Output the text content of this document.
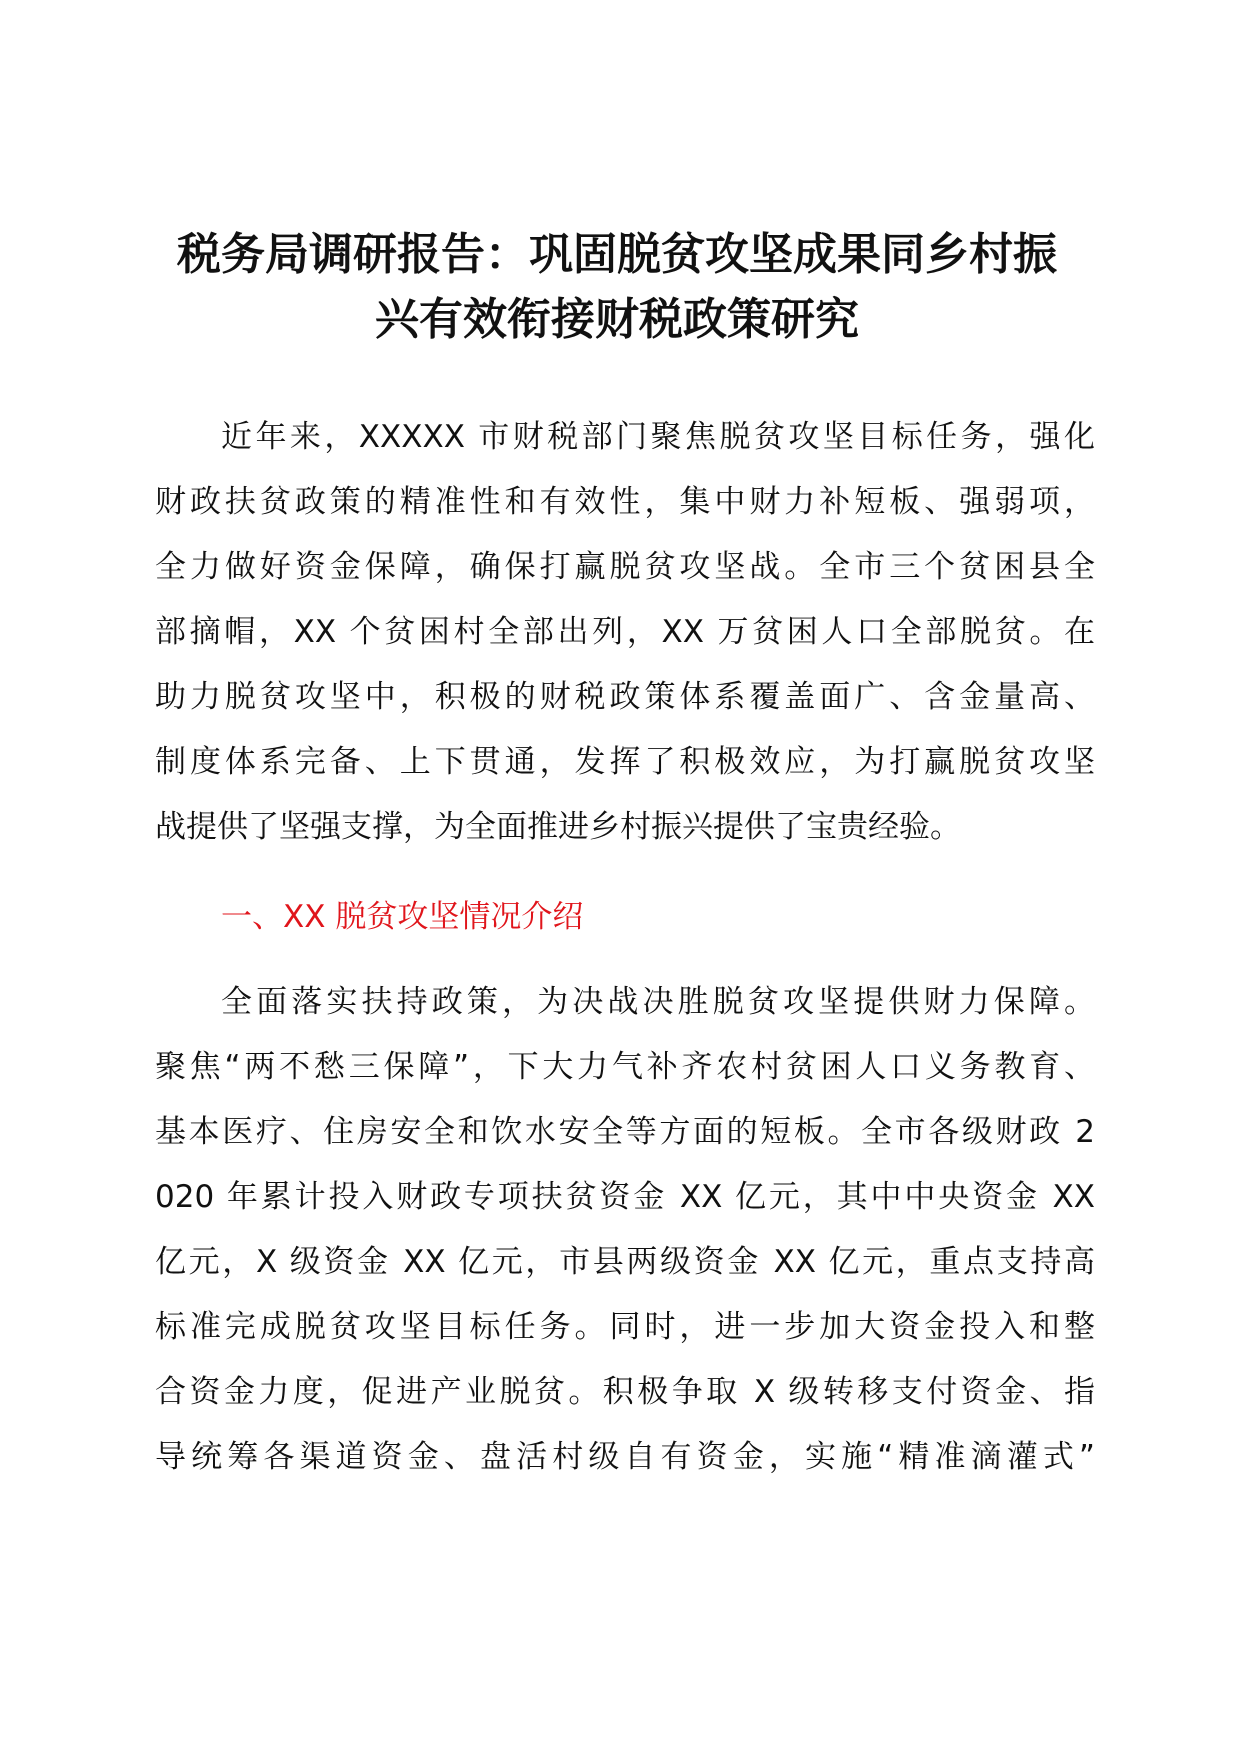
税务局调研报告：巩固脱贫攻坚成果同乡村振
兴有效衔接财税政策研究
近年来，XXXXX 市财税部门聚焦脱贫攻坚目标任务，强化
财政扶贫政策的精准性和有效性，集中财力补短板、强弱项，
全力做好资金保障，确保打赢脱贫攻坚战。全市三个贫困县全
部摘帽，XX 个贫困村全部出列，XX 万贫困人口全部脱贫。在
助力脱贫攻坚中，积极的财税政策体系覆盖面广、含金量高、
制度体系完备、上下贯通，发挥了积极效应，为打赢脱贫攻坚
战提供了坚强支撑，为全面推进乡村振兴提供了宝贵经验。
一、XX 脱贫攻坚情况介绍
全面落实扶持政策，为决战决胜脱贫攻坚提供财力保障。
聚焦“两不愁三保障”，下大力气补齐农村贫困人口义务教育、
基本医疗、住房安全和饮水安全等方面的短板。全市各级财政 2
020 年累计投入财政专项扶贫资金 XX 亿元，其中中央资金 XX
亿元，X 级资金 XX 亿元，市县两级资金 XX 亿元，重点支持高
标准完成脱贫攻坚目标任务。同时，进一步加大资金投入和整
合资金力度，促进产业脱贫。积极争取 X 级转移支付资金、指
导统筹各渠道资金、盘活村级自有资金，实施“精准滴灌式”
